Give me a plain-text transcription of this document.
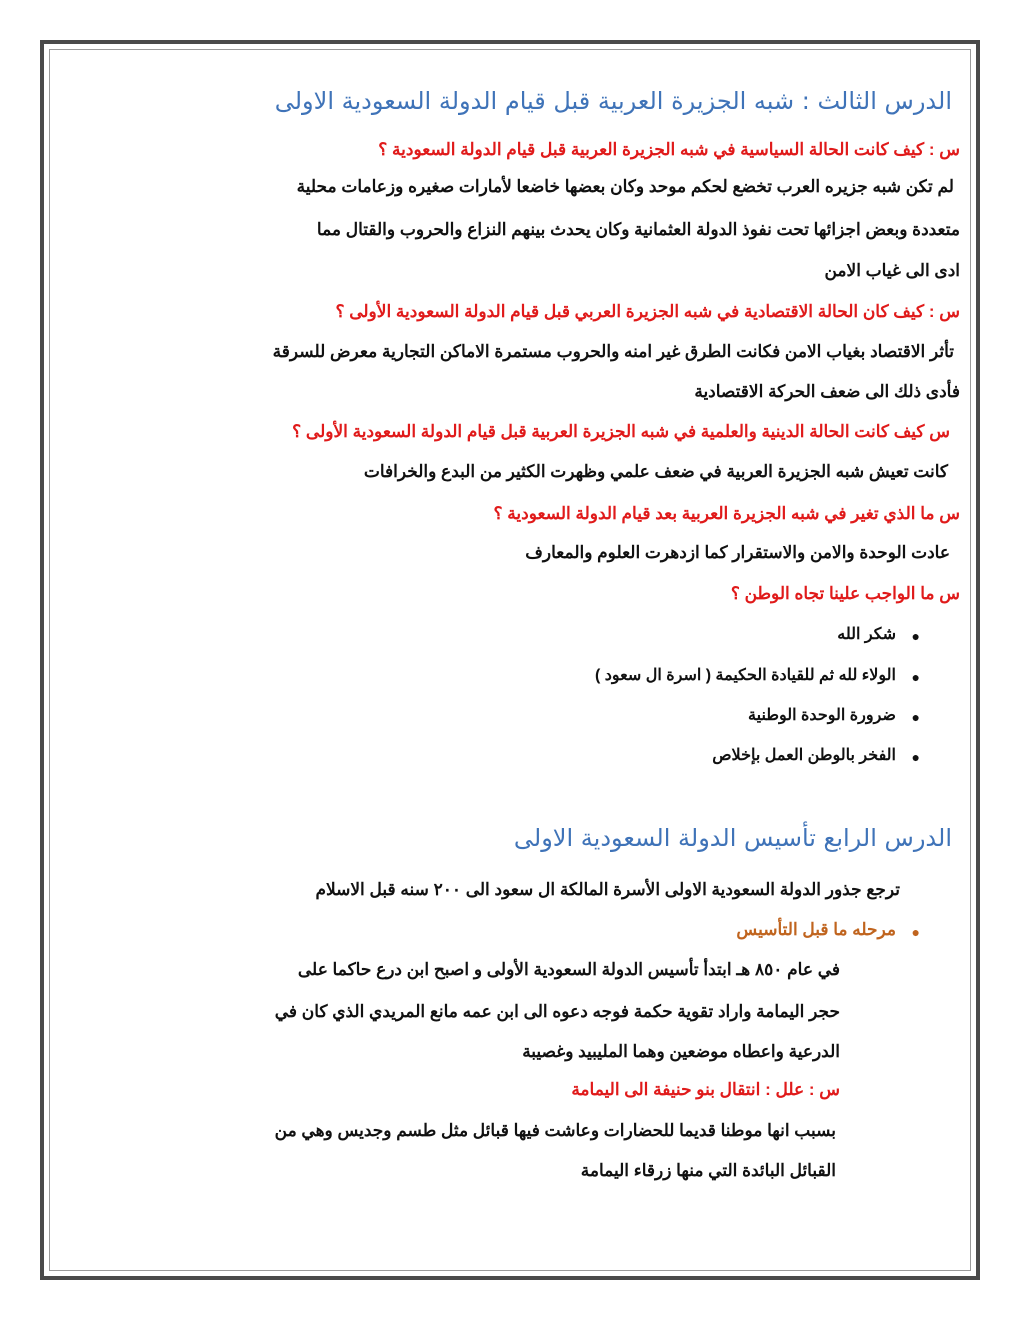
الدرس الثالث : شبه الجزيرة العربية قبل قيام الدولة السعودية الاولى
س : كيف كانت الحالة السياسية في شبه الجزيرة العربية قبل قيام الدولة السعودية ؟
لم تكن شبه جزيره العرب تخضع لحكم موحد وكان بعضها خاضعا لأمارات صغيره وزعامات محلية
متعددة وبعض اجزائها تحت نفوذ الدولة العثمانية وكان يحدث بينهم النزاع والحروب والقتال مما
ادى الى غياب الامن
س : كيف كان الحالة الاقتصادية في شبه الجزيرة العربي قبل قيام الدولة السعودية الأولى ؟
تأثر الاقتصاد بغياب الامن فكانت الطرق غير امنه والحروب مستمرة الاماكن التجارية معرض للسرقة
فأدى ذلك الى ضعف الحركة الاقتصادية
س كيف كانت الحالة الدينية والعلمية في شبه الجزيرة العربية قبل قيام الدولة السعودية الأولى ؟
كانت تعيش شبه الجزيرة العربية في ضعف علمي وظهرت الكثير من البدع والخرافات
س ما الذي تغير في شبه الجزيرة العربية بعد قيام الدولة السعودية ؟
عادت الوحدة والامن والاستقرار كما ازدهرت العلوم والمعارف
س ما الواجب علينا تجاه الوطن ؟
●
شكر الله
●
الولاء لله ثم للقيادة الحكيمة ( اسرة ال سعود )
●
ضرورة الوحدة الوطنية
●
الفخر بالوطن العمل بإخلاص
الدرس الرابع تأسيس الدولة السعودية الاولى
ترجع جذور الدولة السعودية الاولى الأسرة المالكة ال سعود الى ٢٠٠ سنه قبل الاسلام
●
مرحله ما قبل التأسيس
في عام ٨٥٠ هـ ابتدأ تأسيس الدولة السعودية الأولى و اصبح ابن درع حاكما على
حجر اليمامة واراد تقوية حكمة فوجه دعوه الى ابن عمه مانع المريدي الذي كان في
الدرعية واعطاه موضعين وهما المليبيد وغصيبة
س : علل : انتقال بنو حنيفة الى اليمامة
بسبب انها موطنا قديما للحضارات وعاشت فيها قبائل مثل طسم وجديس وهي من
القبائل البائدة التي منها زرقاء اليمامة
